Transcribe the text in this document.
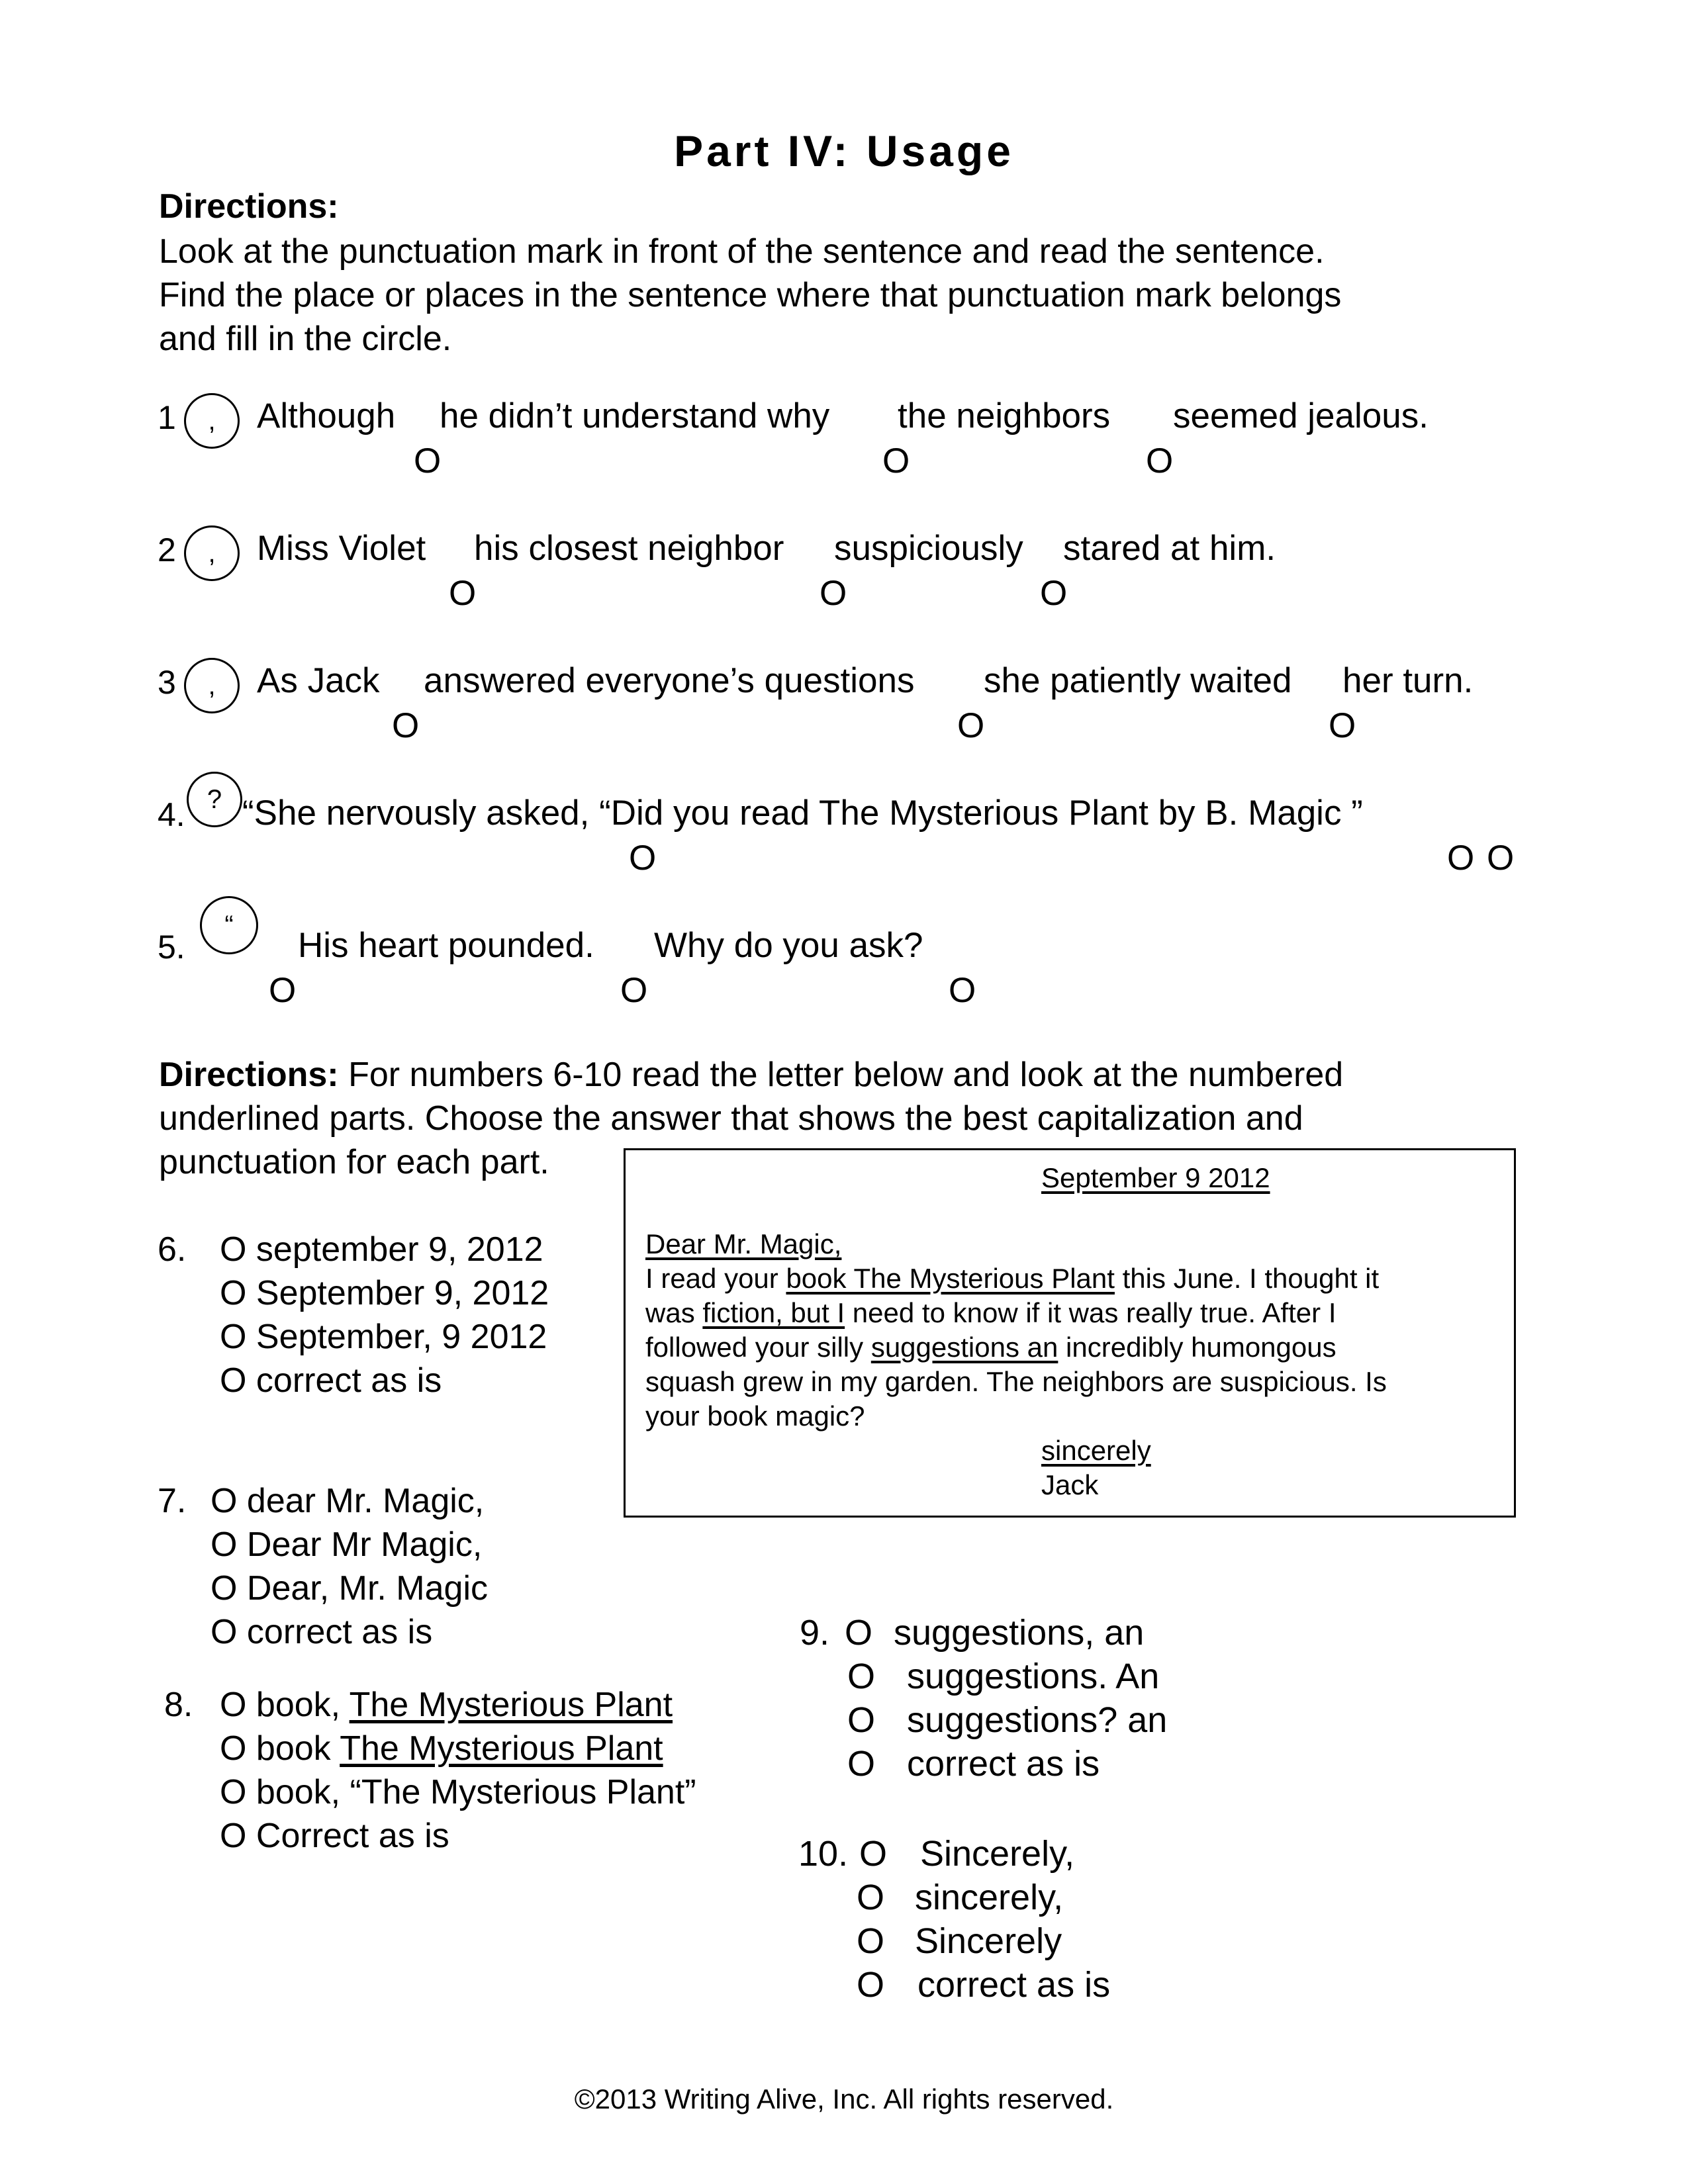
Part IV: Usage
Directions:
Look at the punctuation mark in front of the sentence and read the sentence.
Find the place or places in the sentence where that punctuation mark belongs
and fill in the circle.
1	,	Although he didn’t understand why the neighbors seemed jealous.
O	O	O
2	,	Miss Violet his closest neighbor suspiciously stared at him.
O	O	O
3	,	As Jack answered everyone’s questions she patiently waited her turn.
O	O	O
4. ? “She nervously asked, “Did you read The Mysterious Plant by B. Magic ”
O	O O
5.
“
His heart pounded. Why do you ask?
O	O	O
Directions: For numbers 6-10 read the letter below and look at the numbered
underlined parts. Choose the answer that shows the best capitalization and
punctuation for each part.	September 9 2012
Dear Mr. Magic,
I read your book The Mysterious Plant this June. I thought it
was fiction, but I need to know if it was really true. After I
followed your silly suggestions an incredibly humongous
squash grew in my garden. The neighbors are suspicious. Is
your book magic?
sincerely
Jack
6. O september 9, 2012
O September 9, 2012
O September, 9 2012
O correct as is
7. O dear Mr. Magic,
O Dear Mr Magic,
O Dear, Mr. Magic
O correct as is
8. O book, The Mysterious Plant
O book The Mysterious Plant
O book, “The Mysterious Plant”
O Correct as is
9. O suggestions, an
O suggestions. An
O suggestions? an
O correct as is
10. O Sincerely,
O sincerely,
O Sincerely
O correct as is
©2013 Writing Alive, Inc. All rights reserved.
